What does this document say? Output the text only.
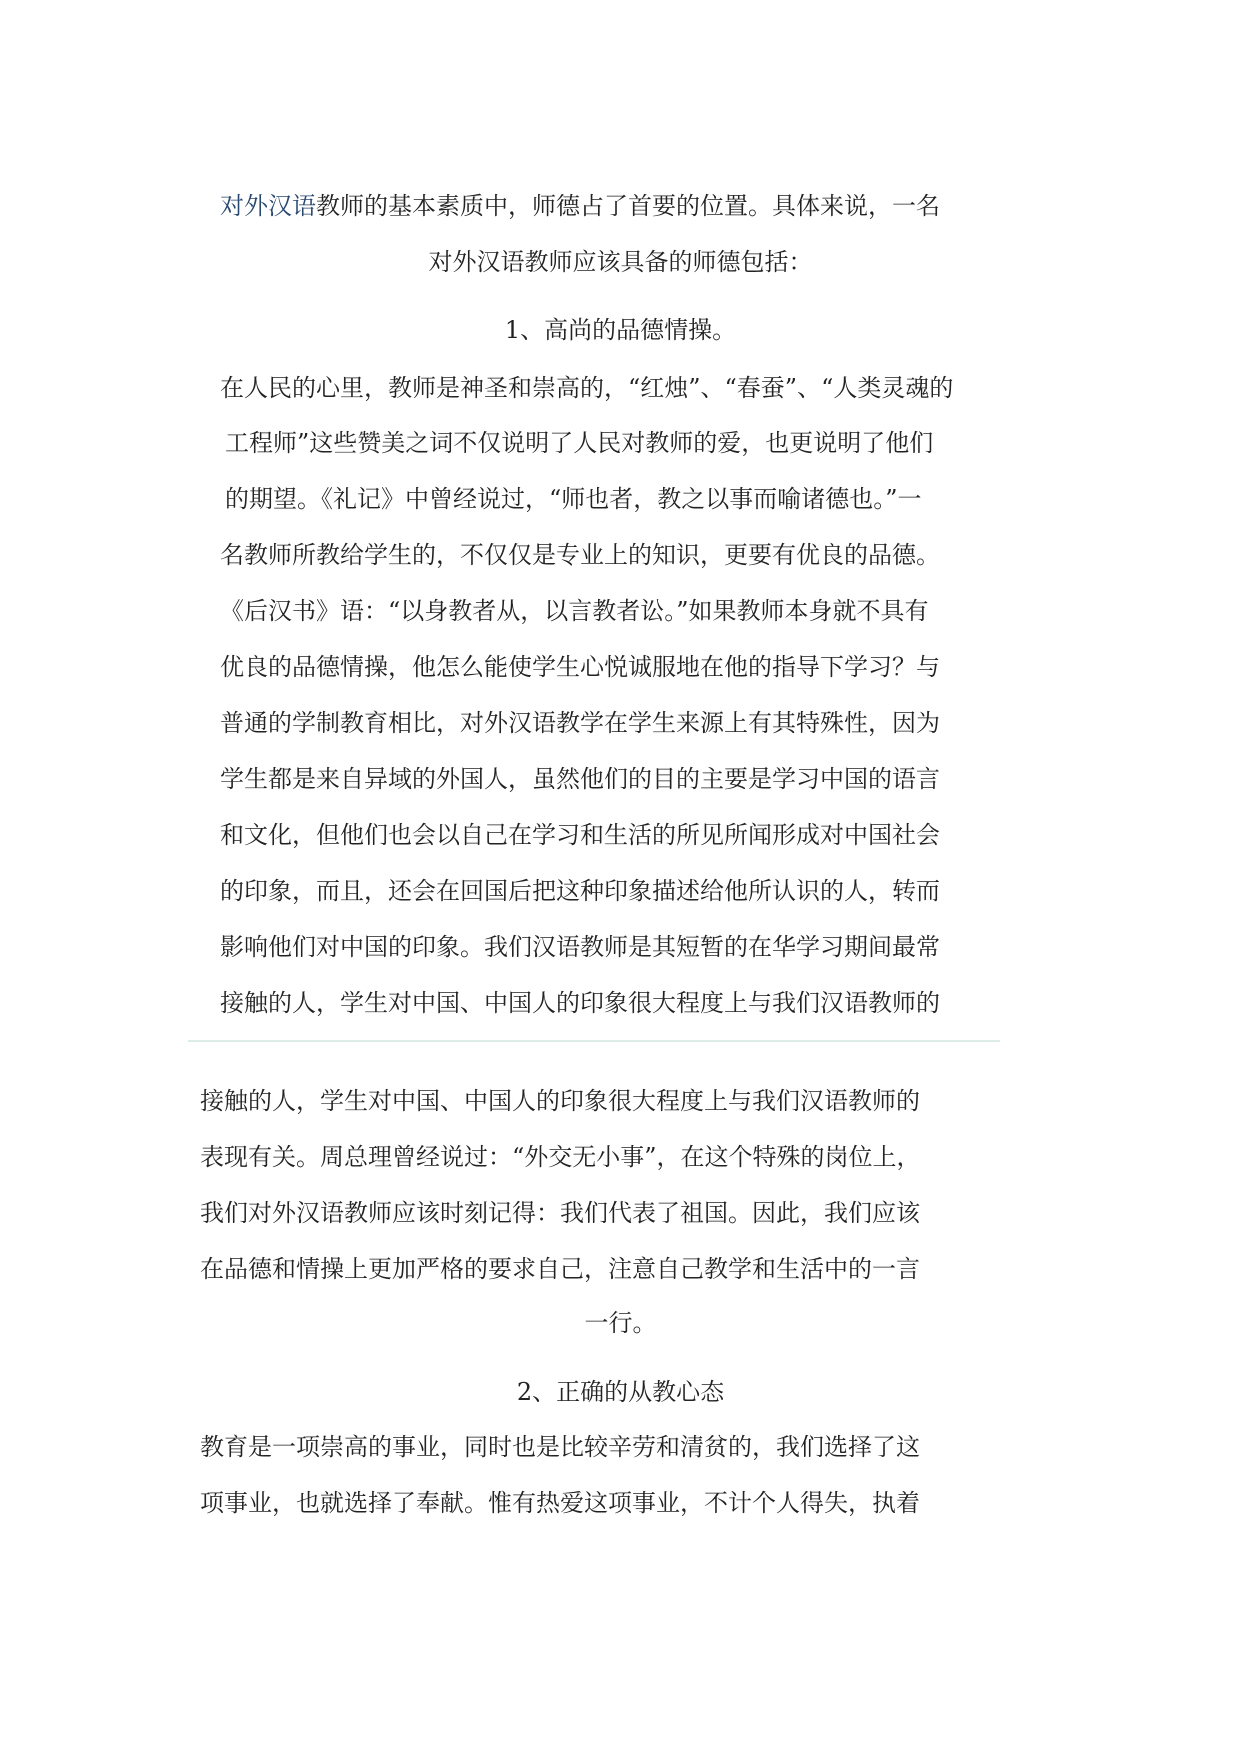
对外汉语教师的基本素质中，师德占了首要的位置。具体来说，一名
对外汉语教师应该具备的师德包括：
1、高尚的品德情操。
在人民的心里，教师是神圣和崇高的，“红烛”、“春蚕”、“人类灵魂的
工程师”这些赞美之词不仅说明了人民对教师的爱，也更说明了他们
的期望。《礼记》中曾经说过，“师也者，教之以事而喻诸德也。”一
名教师所教给学生的，不仅仅是专业上的知识，更要有优良的品德。
《后汉书》语：“以身教者从，以言教者讼。”如果教师本身就不具有
优良的品德情操，他怎么能使学生心悦诚服地在他的指导下学习？与
普通的学制教育相比，对外汉语教学在学生来源上有其特殊性，因为
学生都是来自异域的外国人，虽然他们的目的主要是学习中国的语言
和文化，但他们也会以自己在学习和生活的所见所闻形成对中国社会
的印象，而且，还会在回国后把这种印象描述给他所认识的人，转而
影响他们对中国的印象。我们汉语教师是其短暂的在华学习期间最常
接触的人，学生对中国、中国人的印象很大程度上与我们汉语教师的
接触的人，学生对中国、中国人的印象很大程度上与我们汉语教师的
表现有关。周总理曾经说过：“外交无小事”，在这个特殊的岗位上，
我们对外汉语教师应该时刻记得：我们代表了祖国。因此，我们应该
在品德和情操上更加严格的要求自己，注意自己教学和生活中的一言
一行。
2、正确的从教心态
教育是一项崇高的事业，同时也是比较辛劳和清贫的，我们选择了这
项事业，也就选择了奉献。惟有热爱这项事业，不计个人得失，执着
